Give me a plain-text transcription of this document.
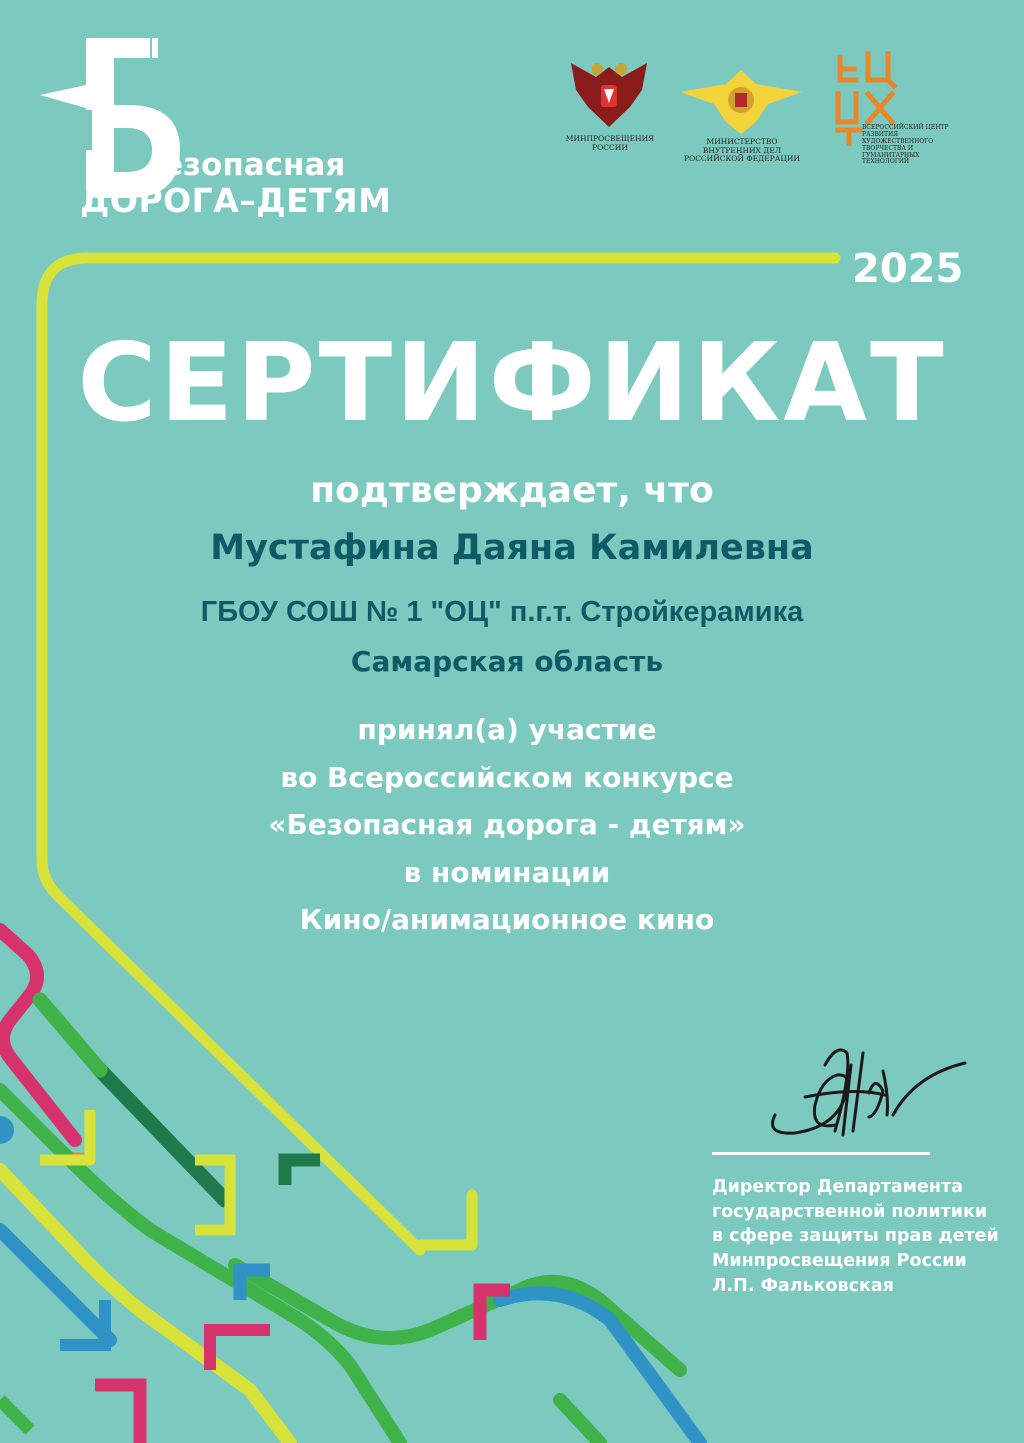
езопасная
ДОРОГА–ДЕТЯМ
МИНПРОСВЕЩЕНИЯ
РОССИИ
МИНИСТЕРСТВО ВНУТРЕННИХ ДЕЛ
РОССИЙСКОЙ ФЕДЕРАЦИИ
ВСЕРОССИЙСКИЙ ЦЕНТР
РАЗВИТИЯ ХУДОЖЕСТВЕННОГО
ТВОРЧЕСТВА И ГУМАНИТАРНЫХ
ТЕХНОЛОГИЙ
2025
СЕРТИФИКАТ
подтверждает, что
Мустафина Даяна Камилевна
ГБОУ СОШ № 1 "ОЦ" п.г.т. Стройкерамика
Самарская область
принял(а) участие
во Всероссийском конкурсе
«Безопасная дорога - детям»
в номинации
Кино/анимационное кино
Директор Департамента
государственной политики
в сфере защиты прав детей
Минпросвещения России
Л.П. Фальковская
